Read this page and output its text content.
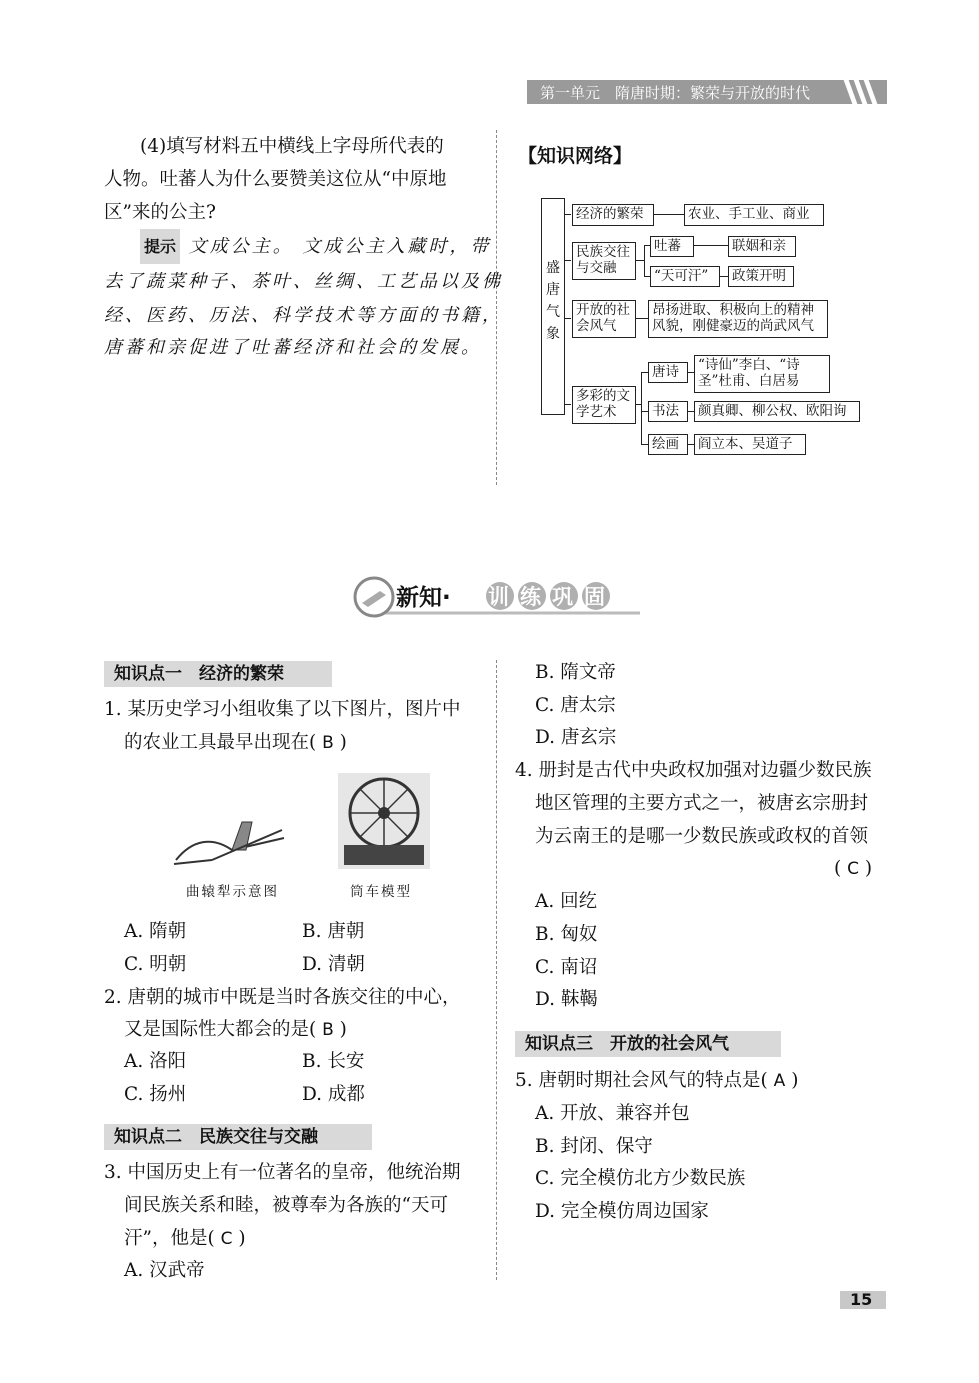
第一单元　隋唐时期：繁荣与开放的时代
(4)填写材料五中横线上字母所代表的
人物。吐蕃人为什么要赞美这位从“中原地
区”来的公主?
提示 文成公主。 文成公主入藏时，带
去了蔬菜种子、茶叶、丝绸、工艺品以及佛
经、医药、历法、科学技术等方面的书籍，
唐蕃和亲促进了吐蕃经济和社会的发展。
【知识网络】
盛唐气象
经济的繁荣	农业、手工业、商业
民族交往
与交融
吐蕃	联姻和亲
“天可汗”	政策开明
开放的社
会风气
昂扬进取、积极向上的精神
风貌，刚健豪迈的尚武风气
多彩的文
学艺术
唐诗	“诗仙”李白、“诗
圣”杜甫、白居易
书法	颜真卿、柳公权、欧阳询
绘画	阎立本、吴道子
新知· 训练巩固
知识点一　经济的繁荣
1. 某历史学习小组收集了以下图片，图片中
的农业工具最早出现在( B )
曲辕犁示意图	筒车模型
A. 隋朝	B. 唐朝
C. 明朝	D. 清朝
2. 唐朝的城市中既是当时各族交往的中心，
又是国际性大都会的是( B )
A. 洛阳	B. 长安
C. 扬州	D. 成都
知识点二　民族交往与交融
3. 中国历史上有一位著名的皇帝，他统治期
间民族关系和睦，被尊奉为各族的“天可
汗”，他是( C )
A. 汉武帝
B. 隋文帝
C. 唐太宗
D. 唐玄宗
4. 册封是古代中央政权加强对边疆少数民族
地区管理的主要方式之一，被唐玄宗册封
为云南王的是哪一少数民族或政权的首领
( C )
A. 回纥
B. 匈奴
C. 南诏
D. 靺鞨
知识点三　开放的社会风气
5. 唐朝时期社会风气的特点是( A )
A. 开放、兼容并包
B. 封闭、保守
C. 完全模仿北方少数民族
D. 完全模仿周边国家
15
